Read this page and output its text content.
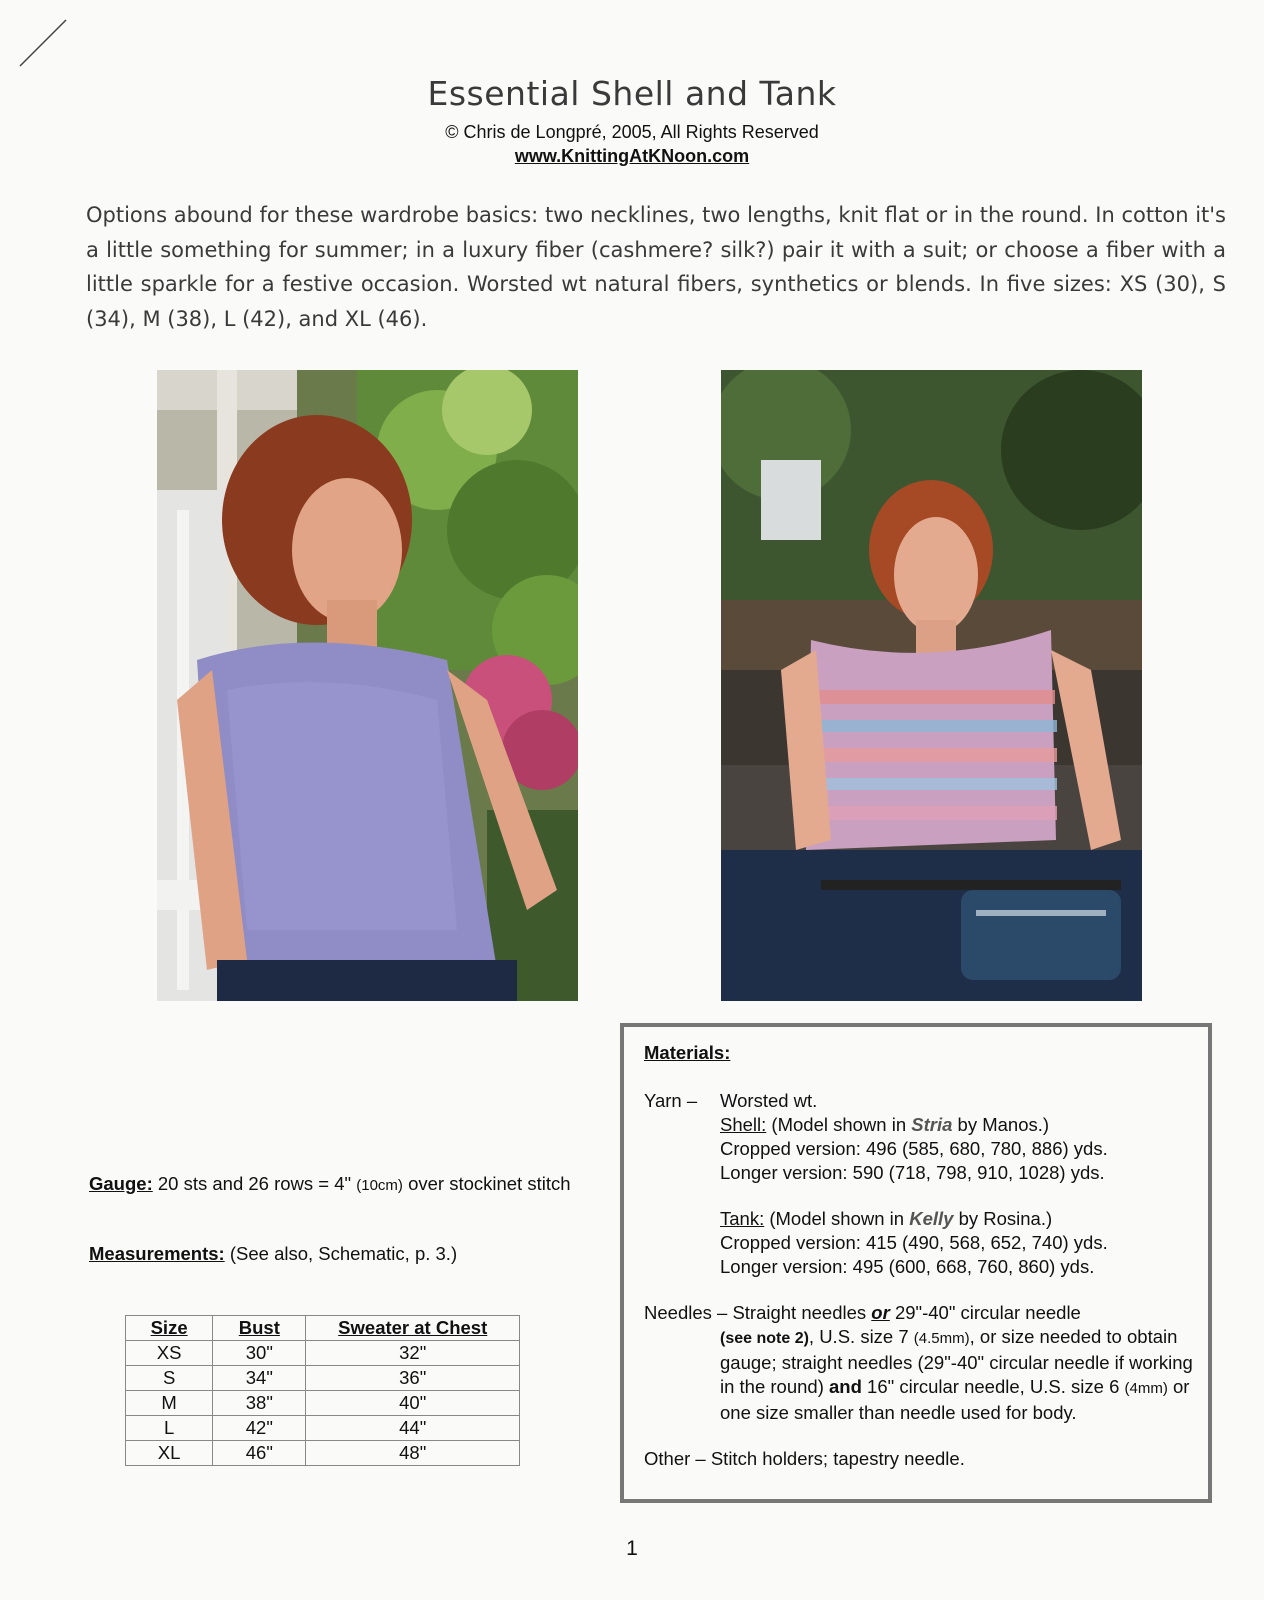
Essential Shell and Tank
© Chris de Longpré, 2005, All Rights Reserved
www.KnittingAtKNoon.com
Options abound for these wardrobe basics: two necklines, two lengths, knit flat or in the round. In cotton it's a little something for summer; in a luxury fiber (cashmere? silk?) pair it with a suit; or choose a fiber with a little sparkle for a festive occasion. Worsted wt natural fibers, synthetics or blends. In five sizes: XS (30), S (34), M (38), L (42), and XL (46).
Gauge: 20 sts and 26 rows = 4" (10cm) over stockinet stitch
Measurements: (See also, Schematic, p. 3.)
Size	Bust	Sweater at Chest
XS	30"	32"
S	34"	36"
M	38"	40"
L	42"	44"
XL	46"	48"
Materials:
Yarn –	Worsted wt.
Shell: (Model shown in Stria by Manos.)
Cropped version: 496 (585, 680, 780, 886) yds.
Longer version: 590 (718, 798, 910, 1028) yds.
Tank: (Model shown in Kelly by Rosina.)
Cropped version: 415 (490, 568, 652, 740) yds.
Longer version: 495 (600, 668, 760, 860) yds.
Needles – Straight needles or 29"-40" circular needle
(see note 2), U.S. size 7 (4.5mm), or size needed to obtain gauge; straight needles (29"-40" circular needle if working in the round) and 16" circular needle, U.S. size 6 (4mm) or one size smaller than needle used for body.
Other – Stitch holders; tapestry needle.
1
